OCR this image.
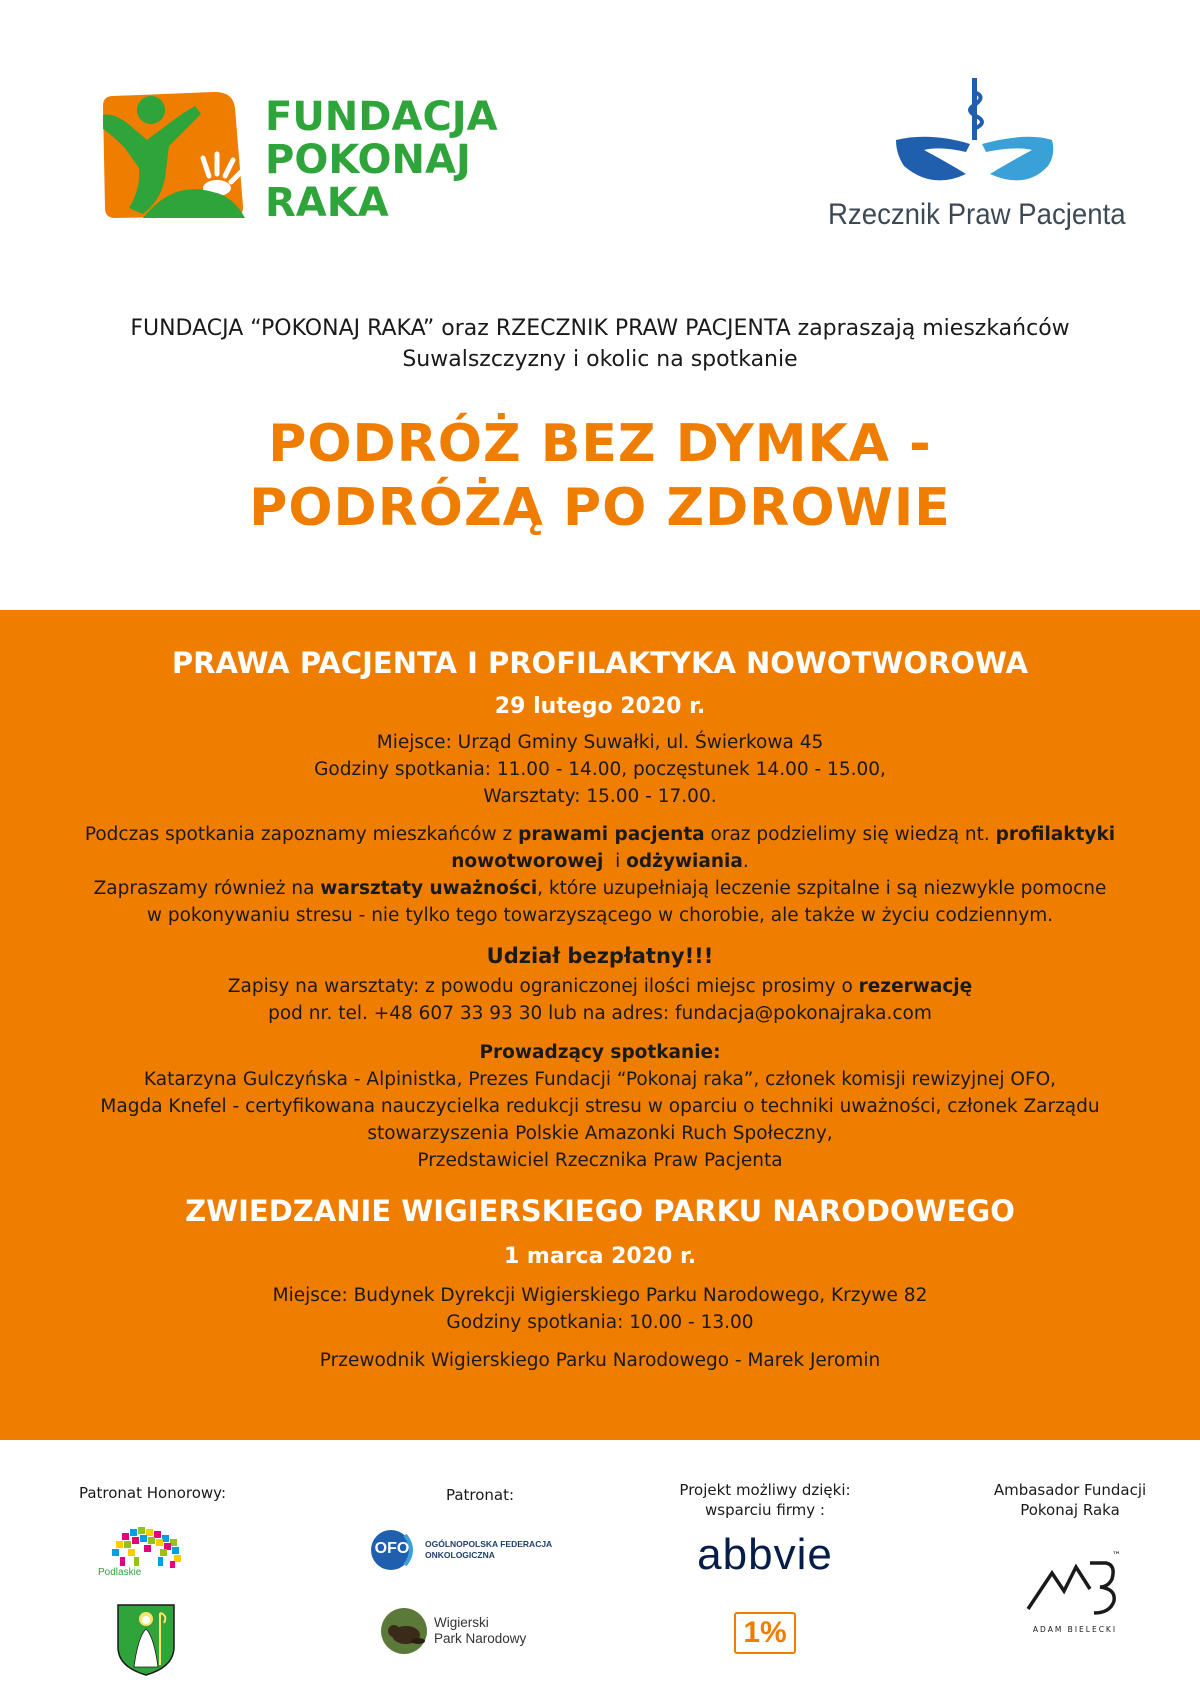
FUNDACJA
POKONAJ
RAKA	Rzecznik Praw Pacjenta
FUNDACJA “POKONAJ RAKA” oraz RZECZNIK PRAW PACJENTA zapraszają mieszkańców
Suwalszczyzny i okolic na spotkanie
PODRÓŻ BEZ DYMKA -
PODRÓŻĄ PO ZDROWIE
PRAWA PACJENTA I PROFILAKTYKA NOWOTWOROWA
29 lutego 2020 r.
Miejsce: Urząd Gminy Suwałki, ul. Świerkowa 45
Godziny spotkania: 11.00 - 14.00, poczęstunek 14.00 - 15.00,
Warsztaty: 15.00 - 17.00.
Podczas spotkania zapoznamy mieszkańców z prawami pacjenta oraz podzielimy się wiedzą nt. profilaktyki
nowotworowej  i odżywiania.
Zapraszamy również na warsztaty uważności, które uzupełniają leczenie szpitalne i są niezwykle pomocne
w pokonywaniu stresu - nie tylko tego towarzyszącego w chorobie, ale także w życiu codziennym.
Udział bezpłatny!!!
Zapisy na warsztaty: z powodu ograniczonej ilości miejsc prosimy o rezerwację
pod nr. tel. +48 607 33 93 30 lub na adres: fundacja@pokonajraka.com
Prowadzący spotkanie:
Katarzyna Gulczyńska - Alpinistka, Prezes Fundacji “Pokonaj raka”, członek komisji rewizyjnej OFO,
Magda Knefel - certyfikowana nauczycielka redukcji stresu w oparciu o techniki uważności, członek Zarządu
stowarzyszenia Polskie Amazonki Ruch Społeczny,
Przedstawiciel Rzecznika Praw Pacjenta
ZWIEDZANIE WIGIERSKIEGO PARKU NARODOWEGO
1 marca 2020 r.
Miejsce: Budynek Dyrekcji Wigierskiego Parku Narodowego, Krzywe 82
Godziny spotkania: 10.00 - 13.00
Przewodnik Wigierskiego Parku Narodowego - Marek Jeromin
Patronat Honorowy:
Podlaskie
Patronat:
OFO	OGÓLNOPOLSKA FEDERACJA
ONKOLOGICZNA
Wigierski
Park Narodowy
Projekt możliwy dzięki:
wsparciu firmy :
abbvie
1%
Ambasador Fundacji
Pokonaj Raka
™
ADAM BIELECKI
